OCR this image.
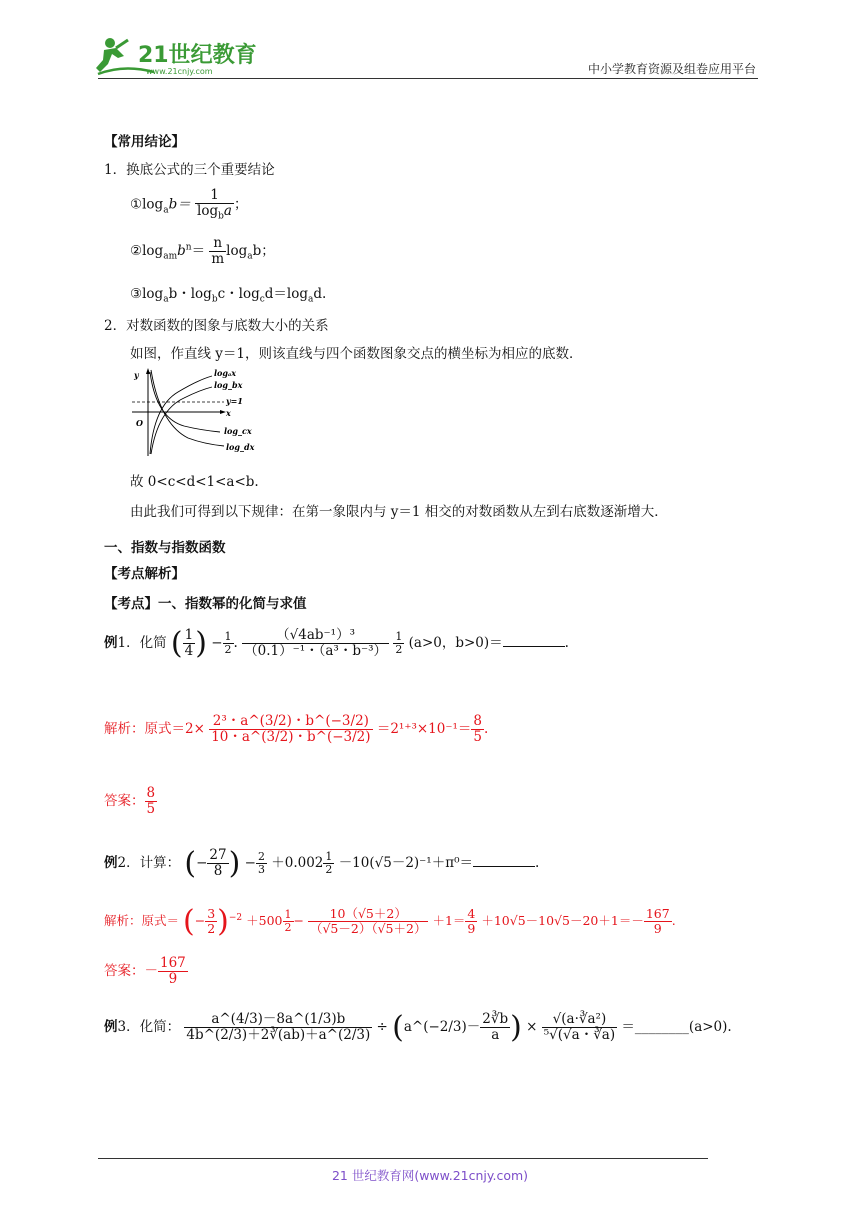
21世纪教育
www.21cnjy.com	中小学教育资源及组卷应用平台
【常用结论】
1．换底公式的三个重要结论
$①\log_ab= \frac{1}{\log_ba}$ ；
$②\log_{am}b^n= \frac{n}{m} \log_ab$；
$③\log_ab$・$\log_bc$・$\log_cd=\log_ad$.
2．对数函数的图象与底数大小的关系
如图，作直线 y＝1，则该直线与四个函数图象交点的横坐标为相应的底数．
y
x
O
logₐx
log_bx
y=1
log_cx
log_dx
故 0<c<d<1<a<b.
由此我们可得到以下规律：在第一象限内与 y＝1 相交的对数函数从左到右底数逐渐增大．
一、指数与指数函数
【考点解析】
【考点】一、指数幂的化简与求值
例1．化简 ( $\frac{1}{4}$ ) − $\frac{1}{2}$ . $\frac{\text{（√4ab⁻¹）³}}{\text{（0.1）⁻¹・（a³・b⁻³）}}$
$\frac{1}{2} (a>0$，b>0)＝	.
解析：原式$=2\times \frac{\text{2³・a\textasciicircum{}(3/2)・b\textasciicircum{}(−3/2)}}{10・a\^{}(3/2)・b\^{}(-3/2)} =2^{1+3}\times 10^{-1}= \frac{8}{5}$ .
答案： $\frac{8}{5}$
例2．计算： (− $\frac{27}{8}$ ) − $\frac{2}{3} +0.002 \frac{1}{2} -10(√5-2)^{-1}+\pi^0=$	.
解析：原式＝ (− $\frac{3}{2} )^{-2} +500 \frac{1}{2} - \frac{10(√5+2)}{(√5-2)(√5+2)} +1= \frac{4}{9} +10√5-10√5-20+1=- \frac{167}{9}$ .
答案：－ $\frac{167}{9}$
例3．化简： $\frac{a\^{}(4/3)-8a\^{}(1/3)b}{4b\^{}(2/3)+2∛(ab)+a\^{}(2/3)}$ ÷ (a^(−2/3)－ $\frac{2∛b}{a}$ ) × $\frac{\text{√(a·∛a²)}}{\text{⁵√(√a・∛a)}}$ ＝________(a>0).
21 世纪教育网(www.21cnjy.com)
